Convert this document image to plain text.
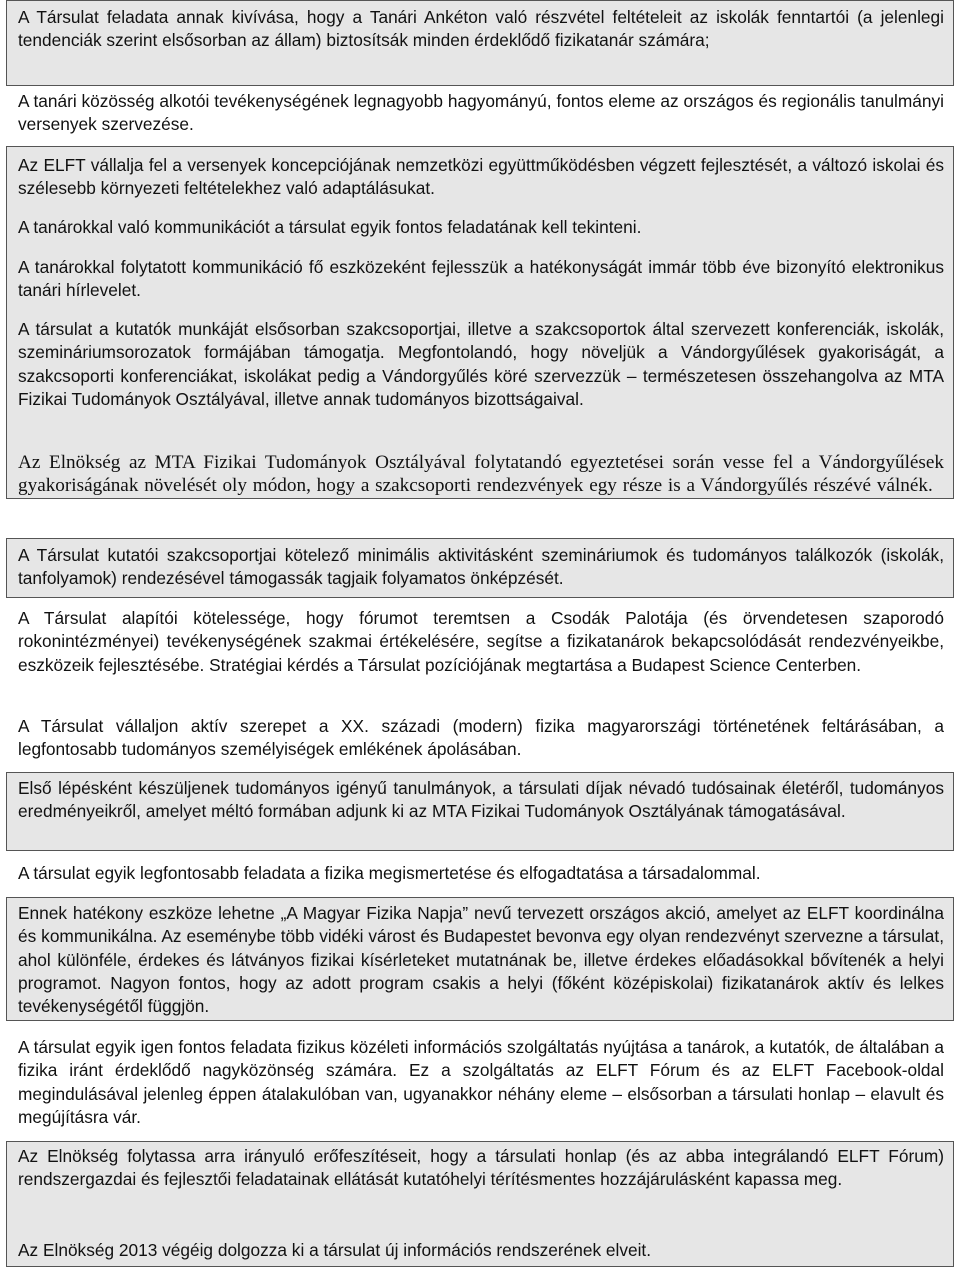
A Társulat feladata annak kivívása, hogy a Tanári Ankéton való részvétel feltételeit az iskolák fenntartói (a jelenlegi tendenciák szerint elsősorban az állam) biztosítsák minden érdeklődő fizikatanár számára;

A tanári közösség alkotói tevékenységének legnagyobb hagyományú, fontos eleme az országos és regionális tanulmányi versenyek szervezése.

Az ELFT vállalja fel a versenyek koncepciójának nemzetközi együttműködésben végzett fejlesztését, a változó iskolai és szélesebb környezeti feltételekhez való adaptálásukat.

A tanárokkal való kommunikációt a társulat egyik fontos feladatának kell tekinteni.

A tanárokkal folytatott kommunikáció fő eszközeként fejlesszük a hatékonyságát immár több éve bizonyító elektronikus tanári hírlevelet.

A társulat a kutatók munkáját elsősorban szakcsoportjai, illetve a szakcsoportok által szervezett konferenciák, iskolák, szemináriumsorozatok formájában támogatja. Megfontolandó, hogy növeljük a Vándorgyűlések gyakoriságát, a szakcsoporti konferenciákat, iskolákat pedig a Vándorgyűlés köré szervezzük – természetesen összehangolva az MTA Fizikai Tudományok Osztályával, illetve annak tudományos bizottságaival.

Az Elnökség az MTA Fizikai Tudományok Osztályával folytatandó egyeztetései során vesse fel a Vándorgyűlések gyakoriságának növelését oly módon, hogy a szakcsoporti rendezvények egy része is a Vándorgyűlés részévé válnék.

A Társulat kutatói szakcsoportjai kötelező minimális aktivitásként szemináriumok és tudományos találkozók (iskolák, tanfolyamok) rendezésével támogassák tagjaik folyamatos önképzését.

A Társulat alapítói kötelessége, hogy fórumot teremtsen a Csodák Palotája (és örvendetesen szaporodó rokonintézményei) tevékenységének szakmai értékelésére, segítse a fizikatanárok bekapcsolódását rendezvényeikbe, eszközeik fejlesztésébe. Stratégiai kérdés a Társulat pozíciójának megtartása a Budapest Science Centerben.

A Társulat vállaljon aktív szerepet a XX. századi (modern) fizika magyarországi történetének feltárásában, a legfontosabb tudományos személyiségek emlékének ápolásában.

Első lépésként készüljenek tudományos igényű tanulmányok, a társulati díjak névadó tudósainak életéről, tudományos eredményeikről, amelyet méltó formában adjunk ki az MTA Fizikai Tudományok Osztályának támogatásával.

A társulat egyik legfontosabb feladata a fizika megismertetése és elfogadtatása a társadalommal.

Ennek hatékony eszköze lehetne „A Magyar Fizika Napja” nevű tervezett országos akció, amelyet az ELFT koordinálna és kommunikálna. Az eseménybe több vidéki várost és Budapestet bevonva egy olyan rendezvényt szervezne a társulat, ahol különféle, érdekes és látványos fizikai kísérleteket mutatnának be, illetve érdekes előadásokkal bővítenék a helyi programot. Nagyon fontos, hogy az adott program csakis a helyi (főként középiskolai) fizikatanárok aktív és lelkes tevékenységétől függjön.

A társulat egyik igen fontos feladata fizikus közéleti információs szolgáltatás nyújtása a tanárok, a kutatók, de általában a fizika iránt érdeklődő nagyközönség számára. Ez a szolgáltatás az ELFT Fórum és az ELFT Facebook-oldal megindulásával jelenleg éppen átalakulóban van, ugyanakkor néhány eleme – elsősorban a társulati honlap – elavult és megújításra vár.

Az Elnökség folytassa arra irányuló erőfeszítéseit, hogy a társulati honlap (és az abba integrálandó ELFT Fórum) rendszergazdai és fejlesztői feladatainak ellátását kutatóhelyi térítésmentes hozzájárulásként kapassa meg.

Az Elnökség 2013 végéig dolgozza ki a társulat új információs rendszerének elveit.
